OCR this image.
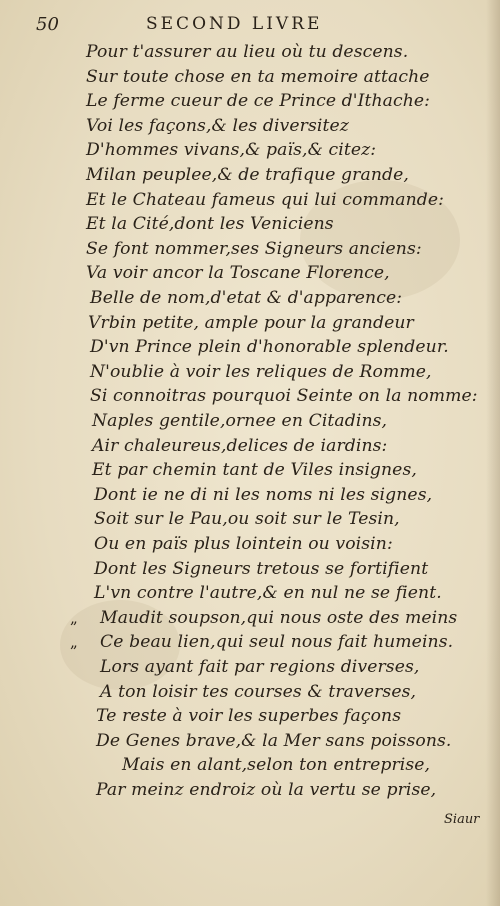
50	SECOND LIVRE
Pour t'assurer au lieu où tu descens.
Sur toute chose en ta memoire attache
Le ferme cueur de ce Prince d'Ithache:
Voi les façons,& les diversitez
D'hommes vivans,& païs,& citez:
Milan peuplee,& de trafique grande,
Et le Chateau fameus qui lui commande:
Et la Cité,dont les Veniciens
Se font nommer,ses Signeurs anciens:
Va voir ancor la Toscane Florence,
Belle de nom,d'etat & d'apparence:
Vrbin petite, ample pour la grandeur
D'vn Prince plein d'honorable splendeur.
N'oublie à voir les reliques de Romme,
Si connoitras pourquoi Seinte on la nomme:
Naples gentile,ornee en Citadins,
Air chaleureus,delices de iardins:
Et par chemin tant de Viles insignes,
Dont ie ne di ni les noms ni les signes,
Soit sur le Pau,ou soit sur le Tesin,
Ou en païs plus lointein ou voisin:
Dont les Signeurs tretous se fortifient
L'vn contre l'autre,& en nul ne se fient.
Maudit soupson,qui nous oste des meins
„
Ce beau lien,qui seul nous fait humeins.
„
Lors ayant fait par regions diverses,
A ton loisir tes courses & traverses,
Te reste à voir les superbes façons
De Genes brave,& la Mer sans poissons.
Mais en alant,selon ton entreprise,
Par meinz endroiz où la vertu se prise,
Siaur
